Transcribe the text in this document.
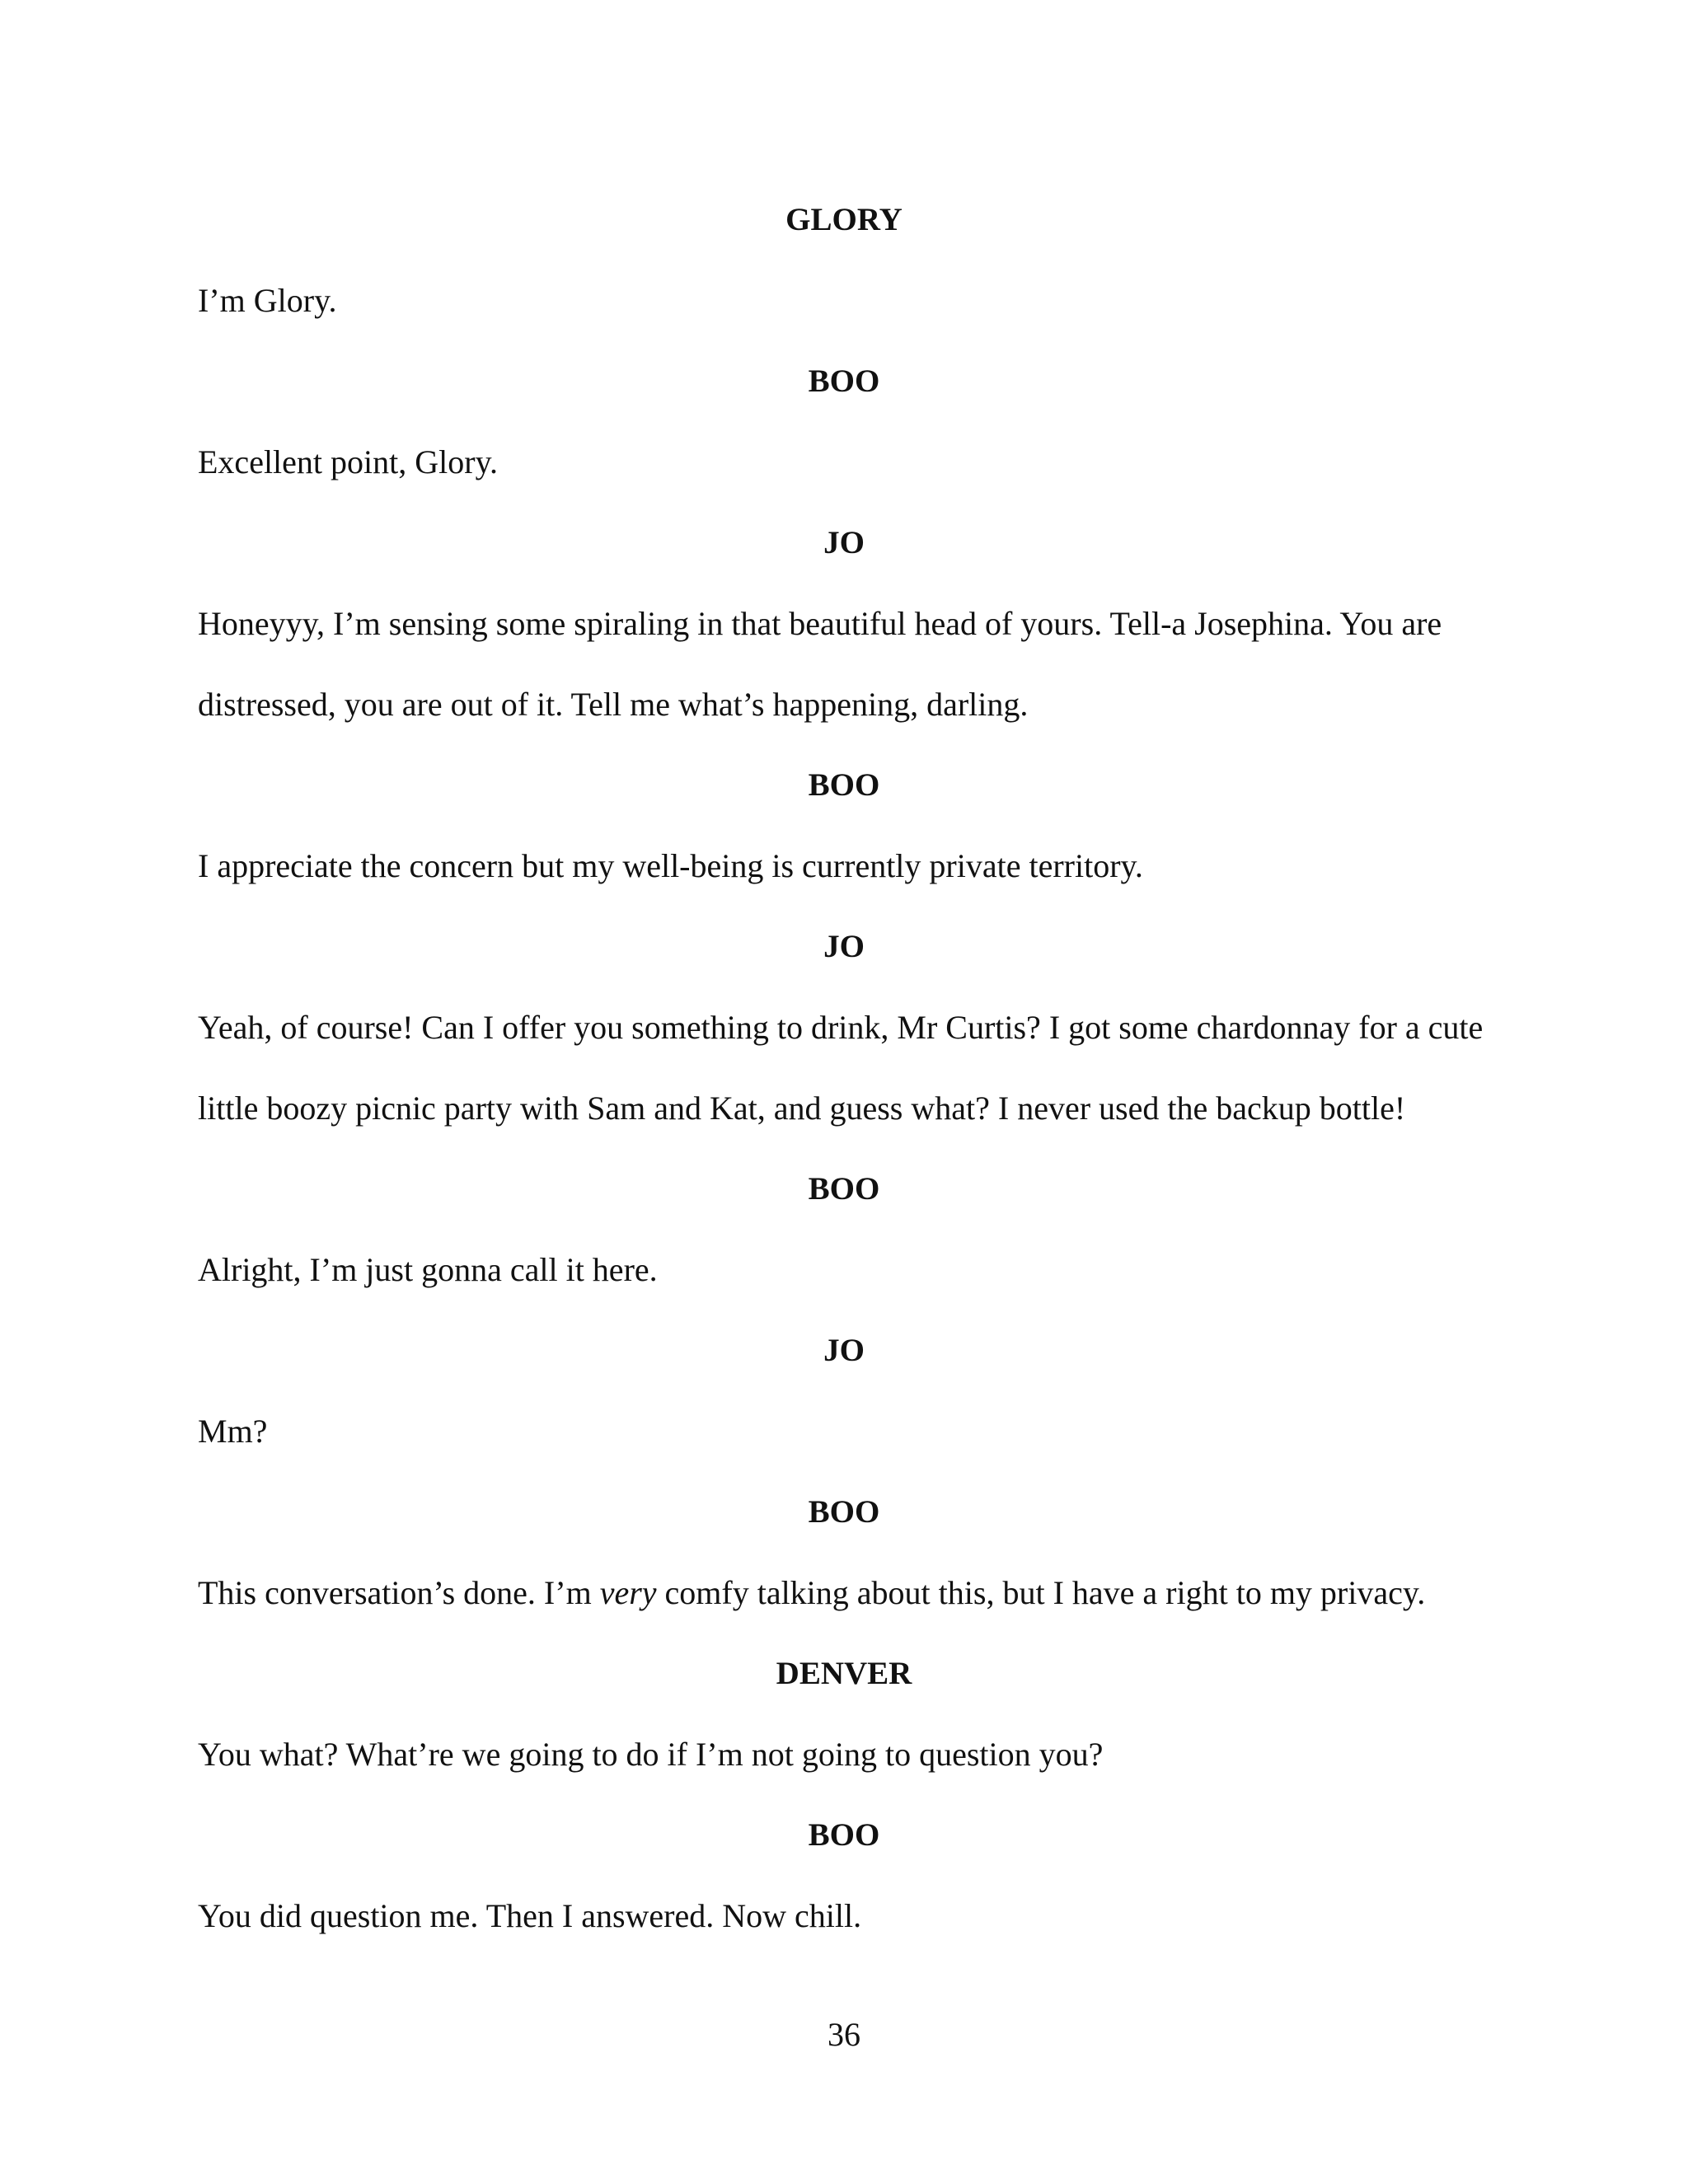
GLORY
I’m Glory.
BOO
Excellent point, Glory.
JO
Honeyyy, I’m sensing some spiraling in that beautiful head of yours. Tell-a Josephina. You are
distressed, you are out of it. Tell me what’s happening, darling.
BOO
I appreciate the concern but my well-being is currently private territory.
JO
Yeah, of course! Can I offer you something to drink, Mr Curtis? I got some chardonnay for a cute
little boozy picnic party with Sam and Kat, and guess what? I never used the backup bottle!
BOO
Alright, I’m just gonna call it here.
JO
Mm?
BOO
This conversation’s done. I’m very comfy talking about this, but I have a right to my privacy.
DENVER
You what? What’re we going to do if I’m not going to question you?
BOO
You did question me. Then I answered. Now chill.
36
